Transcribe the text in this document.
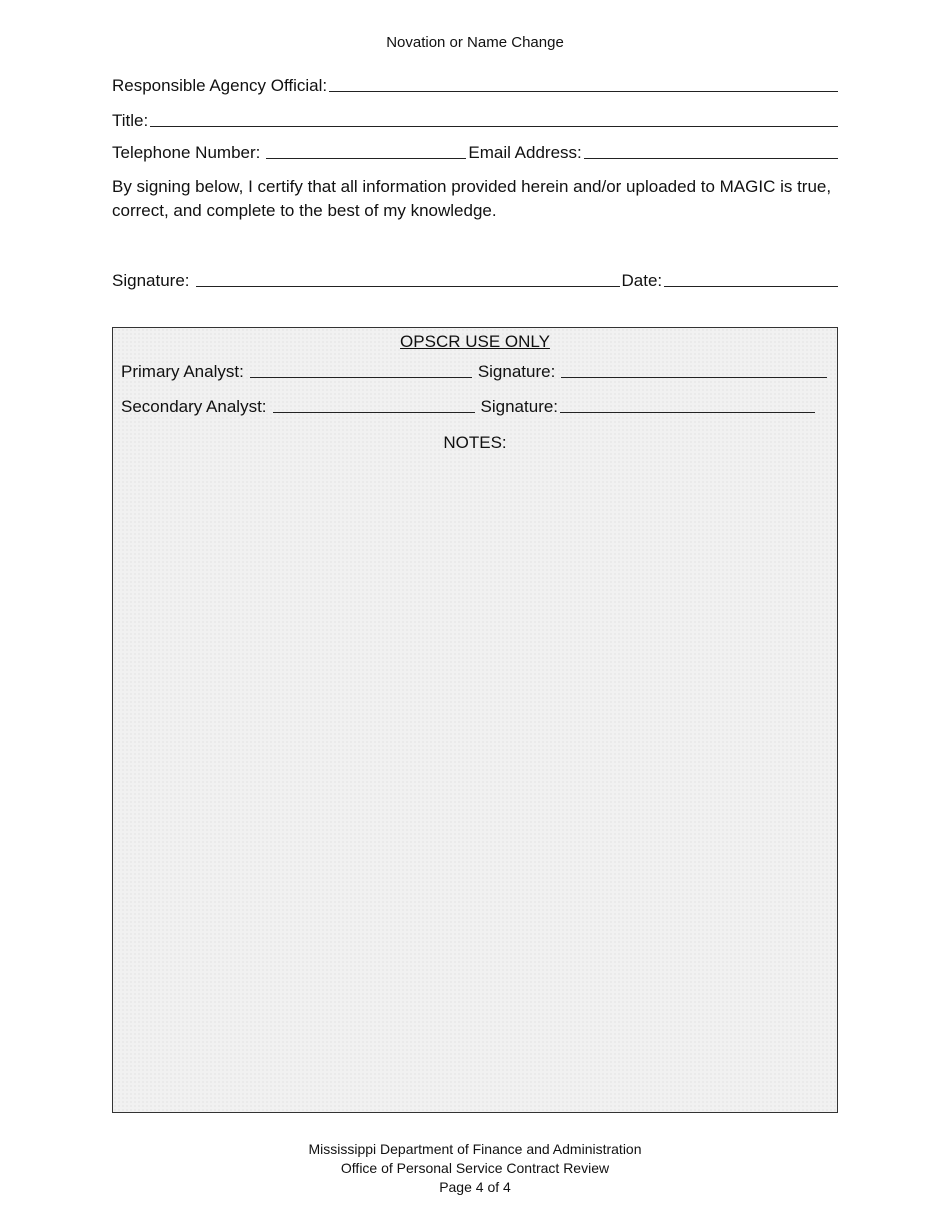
Novation or Name Change
Responsible Agency Official:
Title:
Telephone Number:	Email Address:
By signing below, I certify that all information provided herein and/or uploaded to MAGIC is true, correct, and complete to the best of my knowledge.
Signature:	Date:
OPSCR USE ONLY
Primary Analyst:	Signature:
Secondary Analyst:	Signature:
NOTES:
Mississippi Department of Finance and Administration
Office of Personal Service Contract Review
Page 4 of 4
